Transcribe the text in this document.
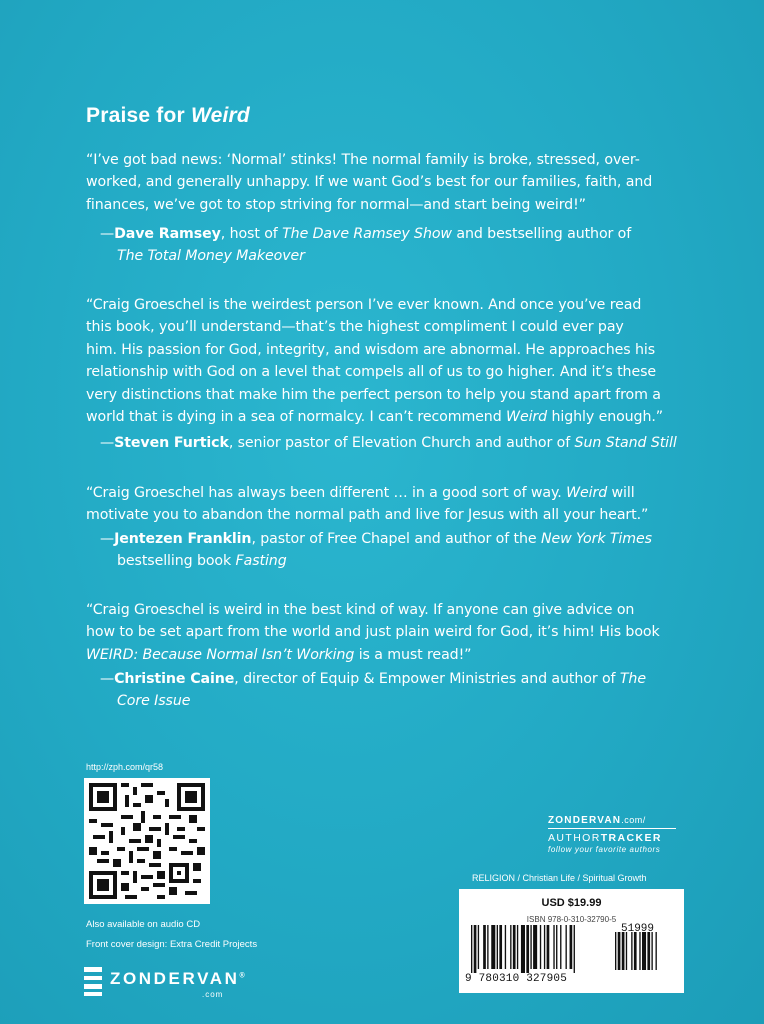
Praise for Weird
“I’ve got bad news: ‘Normal’ stinks! The normal family is broke, stressed, over-
worked, and generally unhappy. If we want God’s best for our families, faith, and
finances, we’ve got to stop striving for normal—and start being weird!”
—Dave Ramsey, host of The Dave Ramsey Show and bestselling author of
The Total Money Makeover
“Craig Groeschel is the weirdest person I’ve ever known. And once you’ve read
this book, you’ll understand—that’s the highest compliment I could ever pay
him. His passion for God, integrity, and wisdom are abnormal. He approaches his
relationship with God on a level that compels all of us to go higher. And it’s these
very distinctions that make him the perfect person to help you stand apart from a
world that is dying in a sea of normalcy. I can’t recommend Weird highly enough.”
—Steven Furtick, senior pastor of Elevation Church and author of Sun Stand Still
“Craig Groeschel has always been different … in a good sort of way. Weird will
motivate you to abandon the normal path and live for Jesus with all your heart.”
—Jentezen Franklin, pastor of Free Chapel and author of the New York Times
bestselling book Fasting
“Craig Groeschel is weird in the best kind of way. If anyone can give advice on
how to be set apart from the world and just plain weird for God, it’s him! His book
WEIRD: Because Normal Isn’t Working is a must read!”
—Christine Caine, director of Equip & Empower Ministries and author of The
Core Issue
http://zph.com/qr58
Also available on audio CD
Front cover design: Extra Credit Projects
ZONDERVAN®
.com
ZONDERVAN.com/
AUTHORTRACKER
follow your favorite authors
RELIGION / Christian Life / Spiritual Growth
USD $19.99
ISBN 978-0-310-32790-5
9 780310 327905
51999
